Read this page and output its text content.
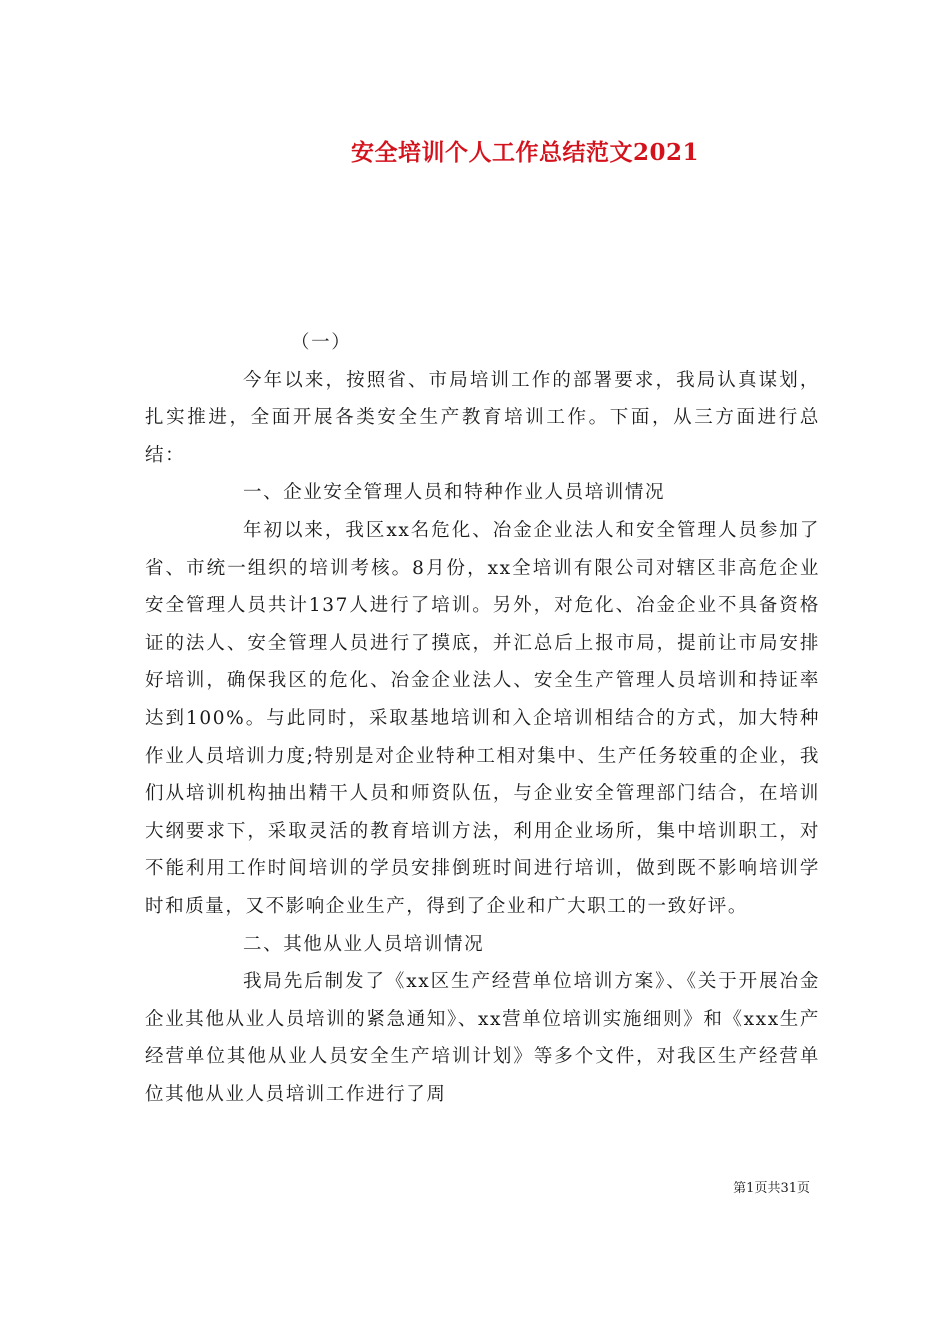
安全培训个人工作总结范文2021

（一）

今年以来，按照省、市局培训工作的部署要求，我局认真谋划，扎实推进，全面开展各类安全生产教育培训工作。下面，从三方面进行总结：

一、企业安全管理人员和特种作业人员培训情况

年初以来，我区xx名危化、冶金企业法人和安全管理人员参加了省、市统一组织的培训考核。8月份，xx全培训有限公司对辖区非高危企业安全管理人员共计137人进行了培训。另外，对危化、冶金企业不具备资格证的法人、安全管理人员进行了摸底，并汇总后上报市局，提前让市局安排好培训，确保我区的危化、冶金企业法人、安全生产管理人员培训和持证率达到100%。与此同时，采取基地培训和入企培训相结合的方式，加大特种作业人员培训力度;特别是对企业特种工相对集中、生产任务较重的企业，我们从培训机构抽出精干人员和师资队伍，与企业安全管理部门结合，在培训大纲要求下，采取灵活的教育培训方法，利用企业场所，集中培训职工，对不能利用工作时间培训的学员安排倒班时间进行培训，做到既不影响培训学时和质量，又不影响企业生产，得到了企业和广大职工的一致好评。

二、其他从业人员培训情况

我局先后制发了《xx区生产经营单位培训方案》、《关于开展冶金企业其他从业人员培训的紧急通知》、xx营单位培训实施细则》和《xxx生产经营单位其他从业人员安全生产培训计划》等多个文件，对我区生产经营单位其他从业人员培训工作进行了周

第1页共31页
